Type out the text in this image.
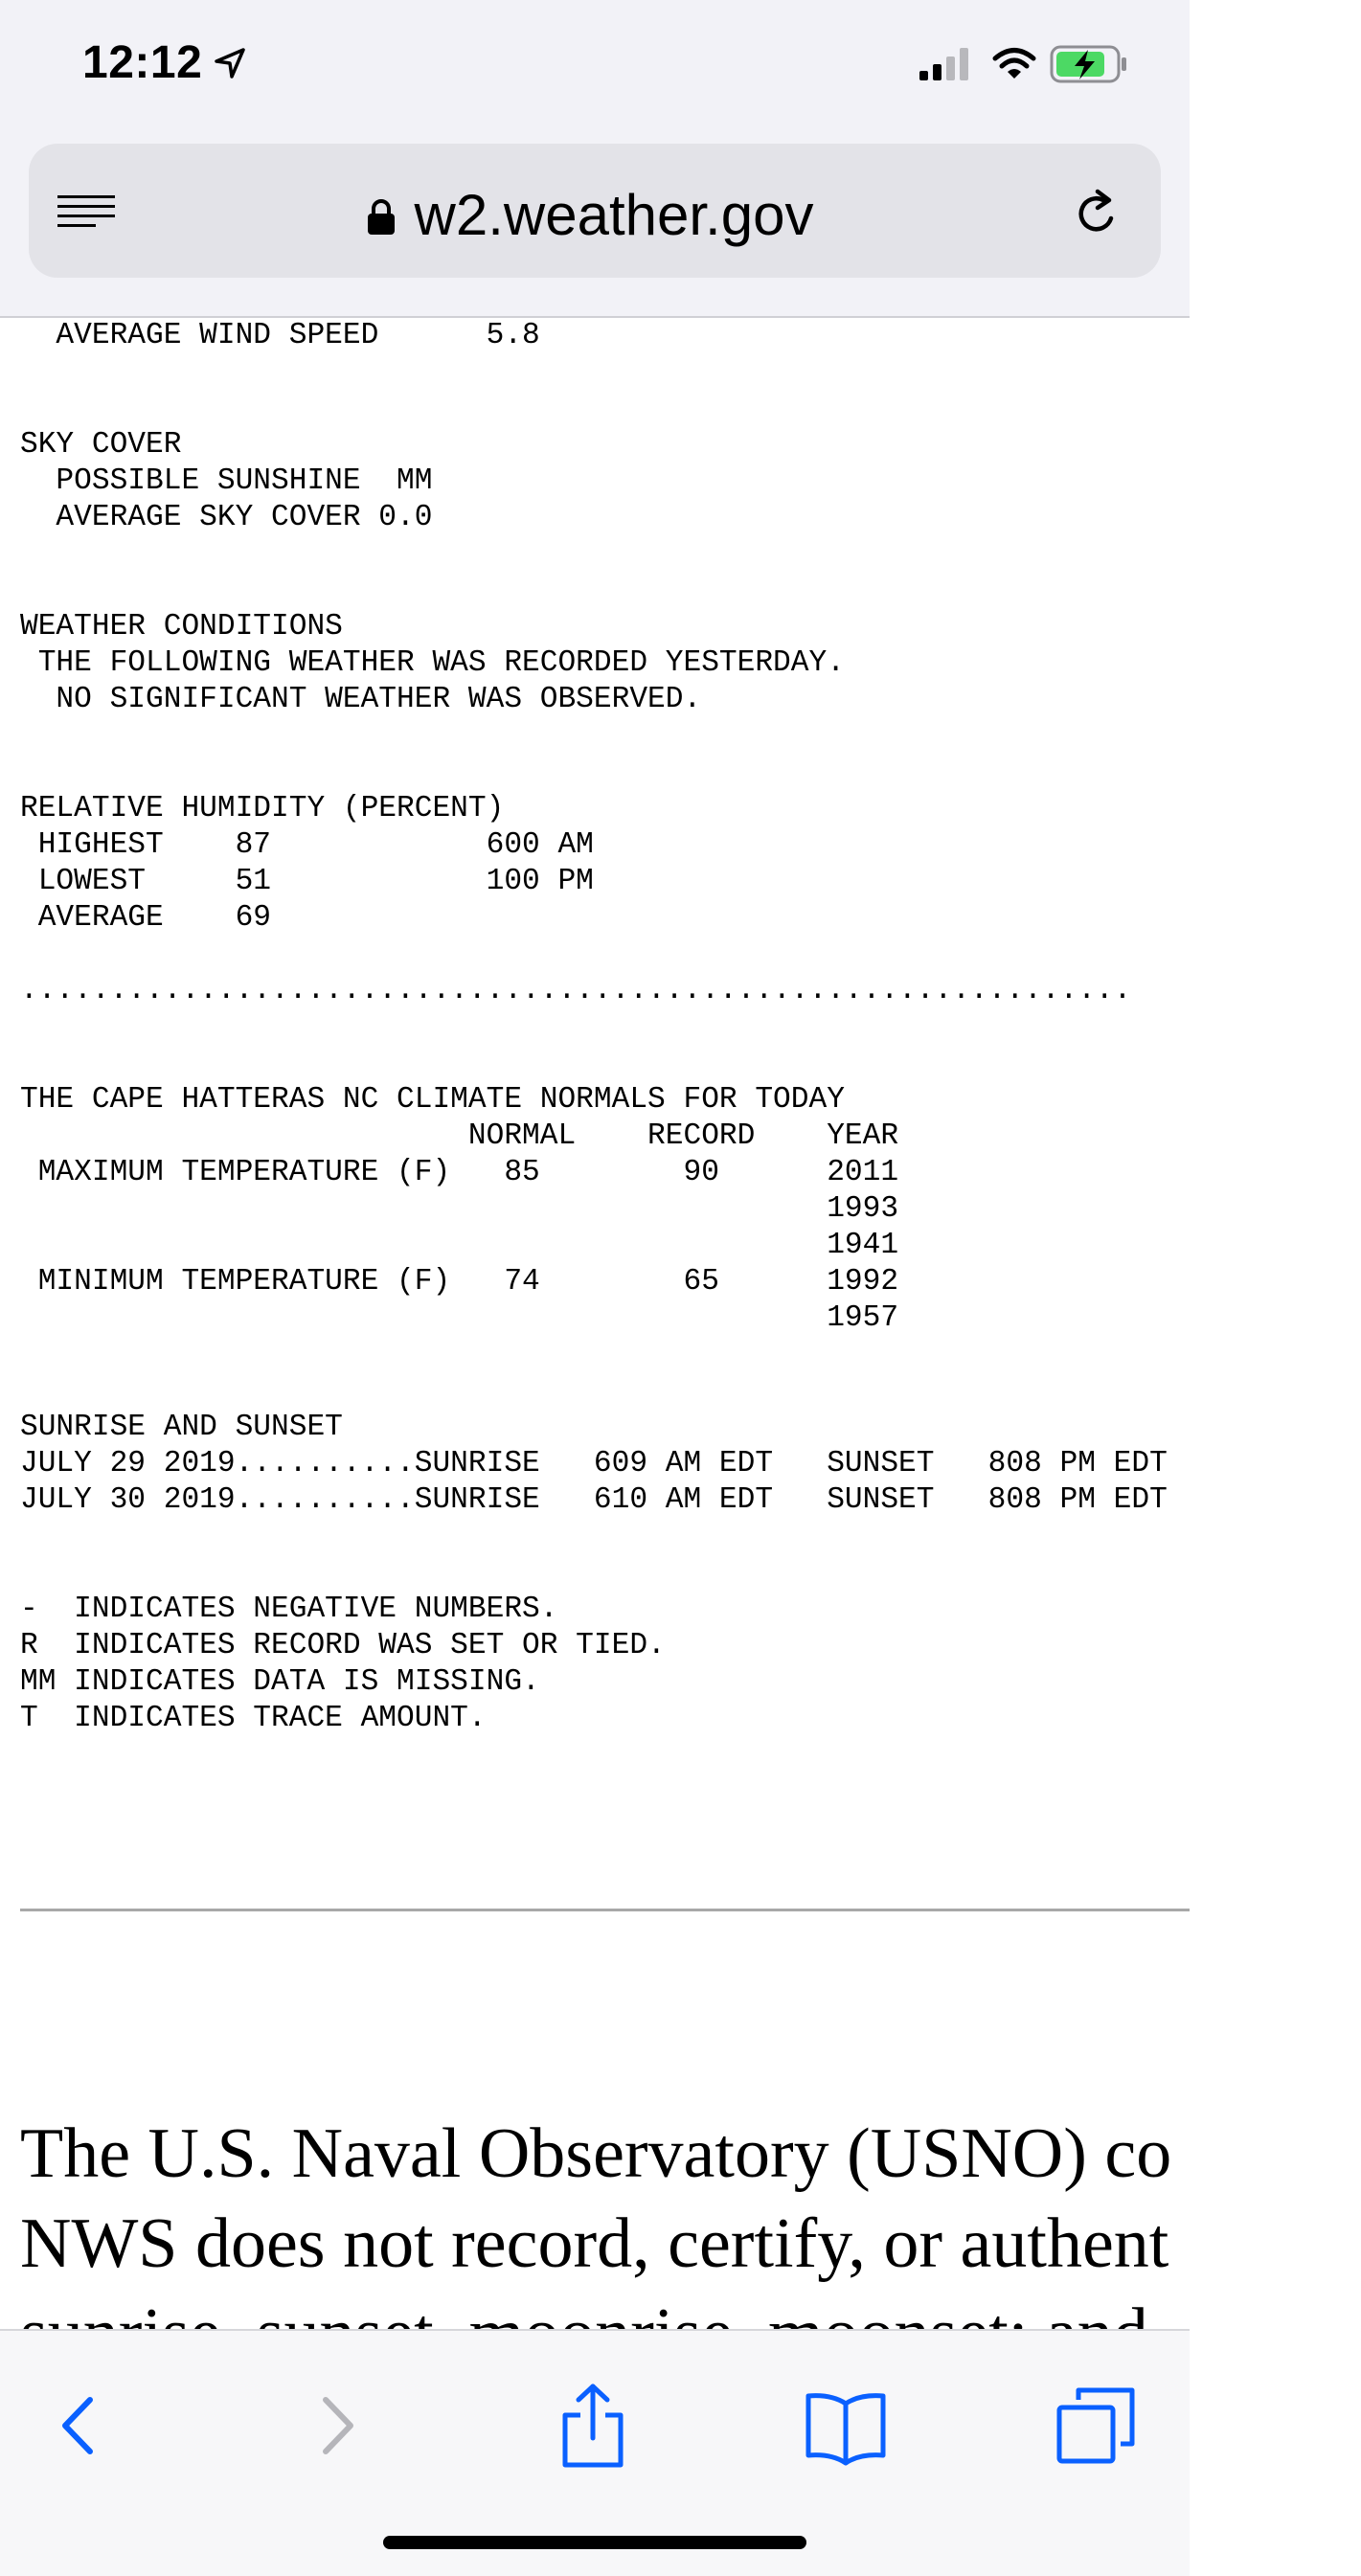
12:12
w2.weather.gov
AVERAGE WIND SPEED      5.8

SKY COVER
POSSIBLE SUNSHINE  MM
AVERAGE SKY COVER 0.0

WEATHER CONDITIONS
THE FOLLOWING WEATHER WAS RECORDED YESTERDAY.
NO SIGNIFICANT WEATHER WAS OBSERVED.

RELATIVE HUMIDITY (PERCENT)
HIGHEST    87            600 AM
LOWEST     51            100 PM
AVERAGE    69

..............................................................

THE CAPE HATTERAS NC CLIMATE NORMALS FOR TODAY
NORMAL    RECORD    YEAR
MAXIMUM TEMPERATURE (F)   85        90      2011
1993
1941
MINIMUM TEMPERATURE (F)   74        65      1992
1957

SUNRISE AND SUNSET
JULY 29 2019..........SUNRISE   609 AM EDT   SUNSET   808 PM EDT
JULY 30 2019..........SUNRISE   610 AM EDT   SUNSET   808 PM EDT

-  INDICATES NEGATIVE NUMBERS.
R  INDICATES RECORD WAS SET OR TIED.
MM INDICATES DATA IS MISSING.
T  INDICATES TRACE AMOUNT.
The U.S. Naval Observatory (USNO) co
NWS does not record, certify, or authent
